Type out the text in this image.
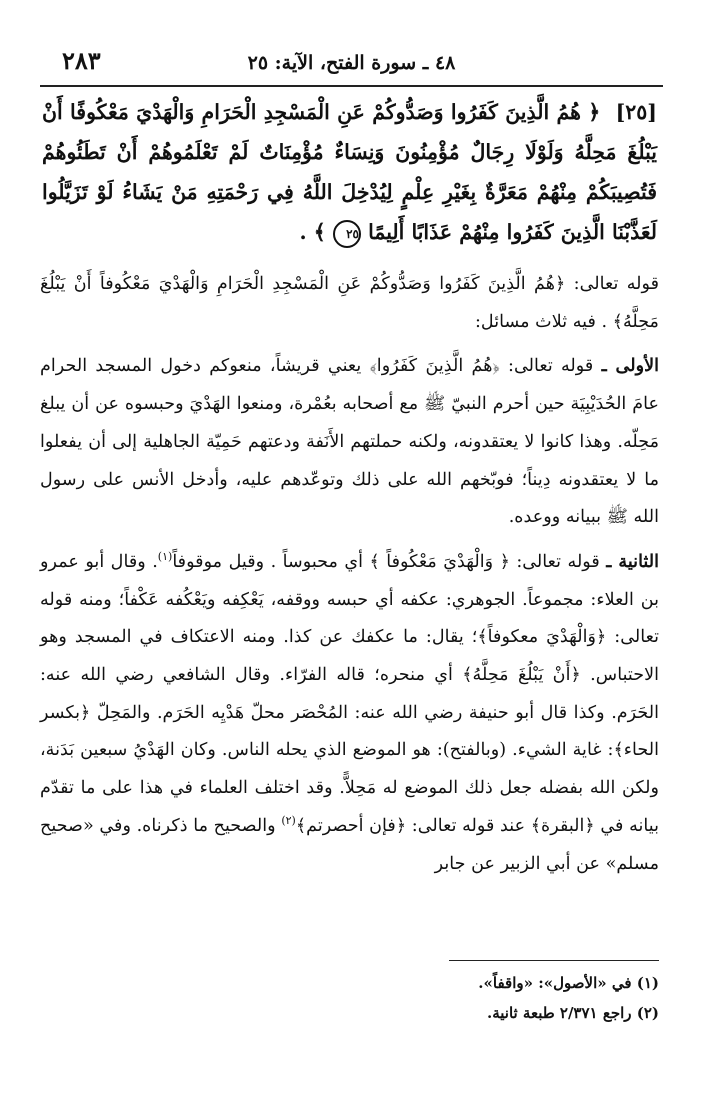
٢٨٣	٤٨ ـ سورة الفتح، الآية: ٢٥
[٢٥] ﴿ هُمُ الَّذِينَ كَفَرُوا وَصَدُّوكُمْ عَنِ الْمَسْجِدِ الْحَرَامِ وَالْهَدْيَ مَعْكُوفًا أَنْ يَبْلُغَ مَحِلَّهُ وَلَوْلَا رِجَالٌ مُؤْمِنُونَ وَنِسَاءٌ مُؤْمِنَاتٌ لَمْ تَعْلَمُوهُمْ أَنْ تَطَئُوهُمْ فَتُصِيبَكُمْ مِنْهُمْ مَعَرَّةٌ بِغَيْرِ عِلْمٍ لِيُدْخِلَ اللَّهُ فِي رَحْمَتِهِ مَنْ يَشَاءُ لَوْ تَزَيَّلُوا لَعَذَّبْنَا الَّذِينَ كَفَرُوا مِنْهُمْ عَذَابًا أَلِيمًا ٢٥ ﴾ .

قوله تعالى: ﴿هُمُ الَّذِينَ كَفَرُوا وَصَدُّوكُمْ عَنِ الْمَسْجِدِ الْحَرَامِ وَالْهَدْيَ مَعْكُوفاً أَنْ يَبْلُغَ مَحِلَّهُ﴾ . فيه ثلاث مسائل:

الأولى ـ قوله تعالى: ﴿هُمُ الَّذِينَ كَفَرُوا﴾ يعني قريشاً، منعوكم دخول المسجد الحرام عامَ الحُدَيْبِيَة حين أحرم النبيّ ﷺ مع أصحابه بعُمْرة، ومنعوا الهَدْيَ وحبسوه عن أن يبلغ مَحِلّه. وهذا كانوا لا يعتقدونه، ولكنه حملتهم الأَنَفة ودعتهم حَمِيّة الجاهلية إلى أن يفعلوا ما لا يعتقدونه دِيناً؛ فوبّخهم الله على ذلك وتوعّدهم عليه، وأدخل الأنس على رسول الله ﷺ ببيانه ووعده.

الثانية ـ قوله تعالى: ﴿ وَالْهَدْيَ مَعْكُوفاً ﴾ أي محبوساً . وقيل موقوفاً$^{(١)}$. وقال أبو عمرو بن العلاء: مجموعاً. الجوهري: عكفه أي حبسه ووقفه، يَعْكِفه ويَعْكُفه عَكْفاً؛ ومنه قوله تعالى: ﴿وَالْهَدْيَ معكوفاً﴾؛ يقال: ما عكفك عن كذا. ومنه الاعتكاف في المسجد وهو الاحتباس. ﴿أَنْ يَبْلُغَ مَحِلَّهُ﴾ أي منحره؛ قاله الفرّاء. وقال الشافعي رضي الله عنه: الحَرَم. وكذا قال أبو حنيفة رضي الله عنه: المُحْصَر محلّ هَدْيِه الحَرَم. والمَحِلّ ﴿بكسر الحاء﴾: غاية الشيء. (وبالفتح): هو الموضع الذي يحله الناس. وكان الهَدْيُ سبعين بَدَنة، ولكن الله بفضله جعل ذلك الموضع له مَحِلاًّ. وقد اختلف العلماء في هذا على ما تقدّم بيانه في ﴿البقرة﴾ عند قوله تعالى: ﴿فإن أحصرتم﴾$^{(٢)}$ والصحيح ما ذكرناه. وفي «صحيح مسلم» عن أبي الزبير عن جابر

(١) في «الأصول»: «واقفاً».
(٢) راجع ٢/٣٧١ طبعة ثانية.
